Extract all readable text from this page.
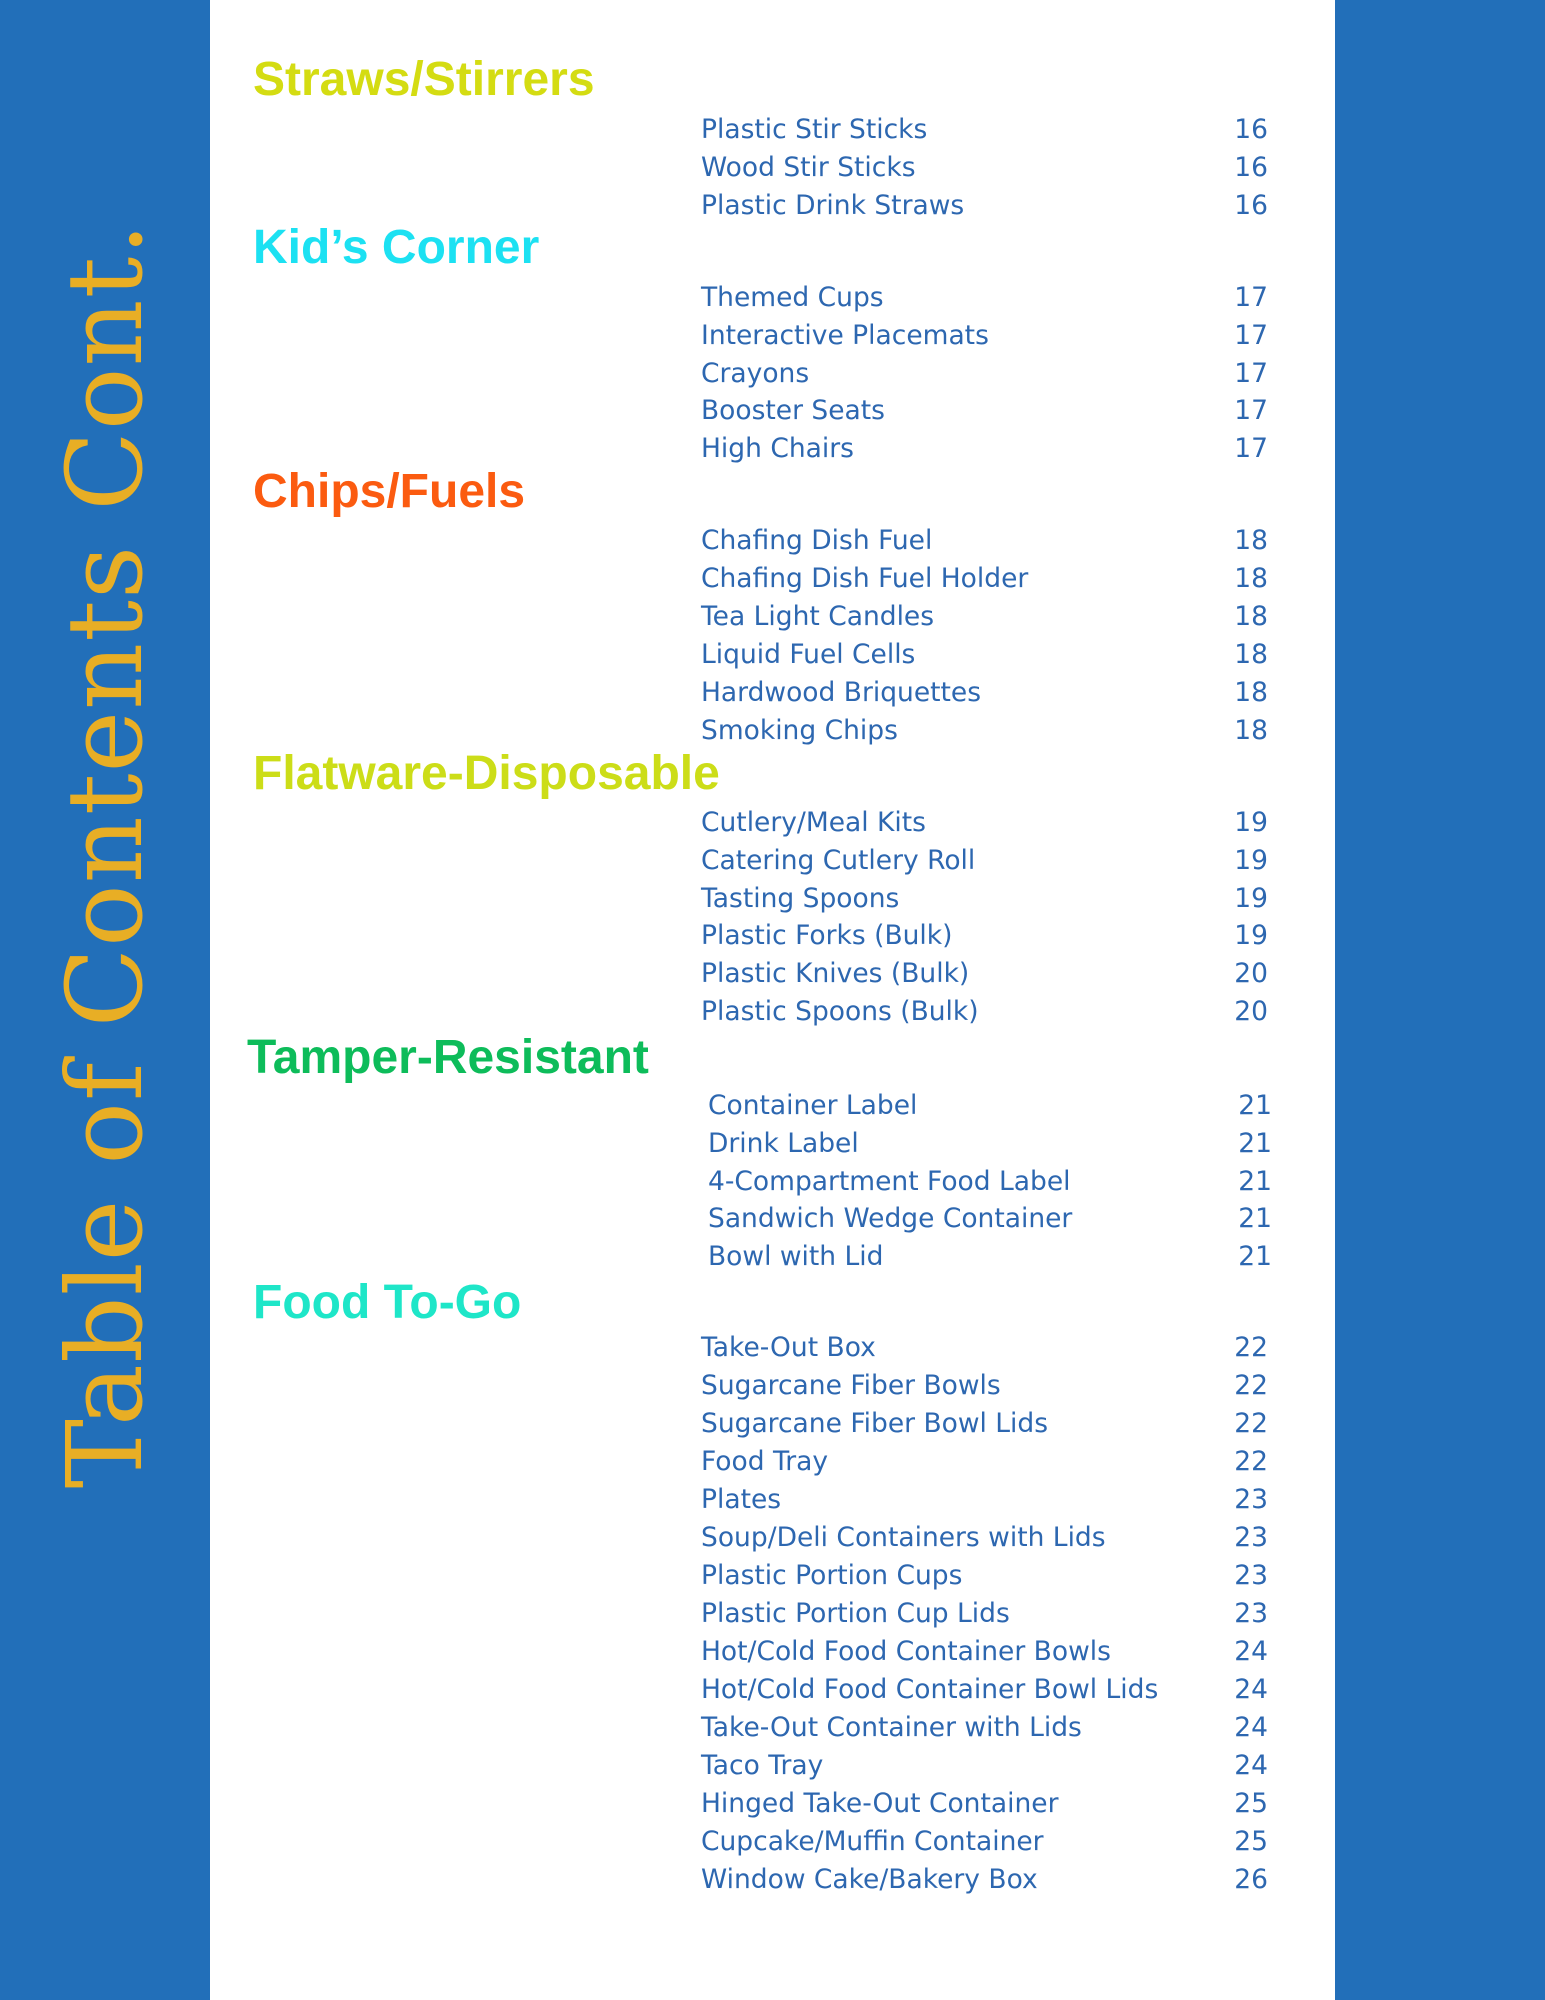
Table of Contents Cont.
Straws/Stirrers
Plastic Stir Sticks	16
Wood Stir Sticks	16
Plastic Drink Straws	16
Kid’s Corner
Themed Cups	17
Interactive Placemats	17
Crayons	17
Booster Seats	17
High Chairs	17
Chips/Fuels
Chafing Dish Fuel	18
Chafing Dish Fuel Holder	18
Tea Light Candles	18
Liquid Fuel Cells	18
Hardwood Briquettes	18
Smoking Chips	18
Flatware-Disposable
Cutlery/Meal Kits	19
Catering Cutlery Roll	19
Tasting Spoons	19
Plastic Forks (Bulk)	19
Plastic Knives (Bulk)	20
Plastic Spoons (Bulk)	20
Tamper-Resistant
Container Label	21
Drink Label	21
4-Compartment Food Label	21
Sandwich Wedge Container	21
Bowl with Lid	21
Food To-Go
Take-Out Box	22
Sugarcane Fiber Bowls	22
Sugarcane Fiber Bowl Lids	22
Food Tray	22
Plates	23
Soup/Deli Containers with Lids	23
Plastic Portion Cups	23
Plastic Portion Cup Lids	23
Hot/Cold Food Container Bowls	24
Hot/Cold Food Container Bowl Lids	24
Take-Out Container with Lids	24
Taco Tray	24
Hinged Take-Out Container	25
Cupcake/Muffin Container	25
Window Cake/Bakery Box	26
